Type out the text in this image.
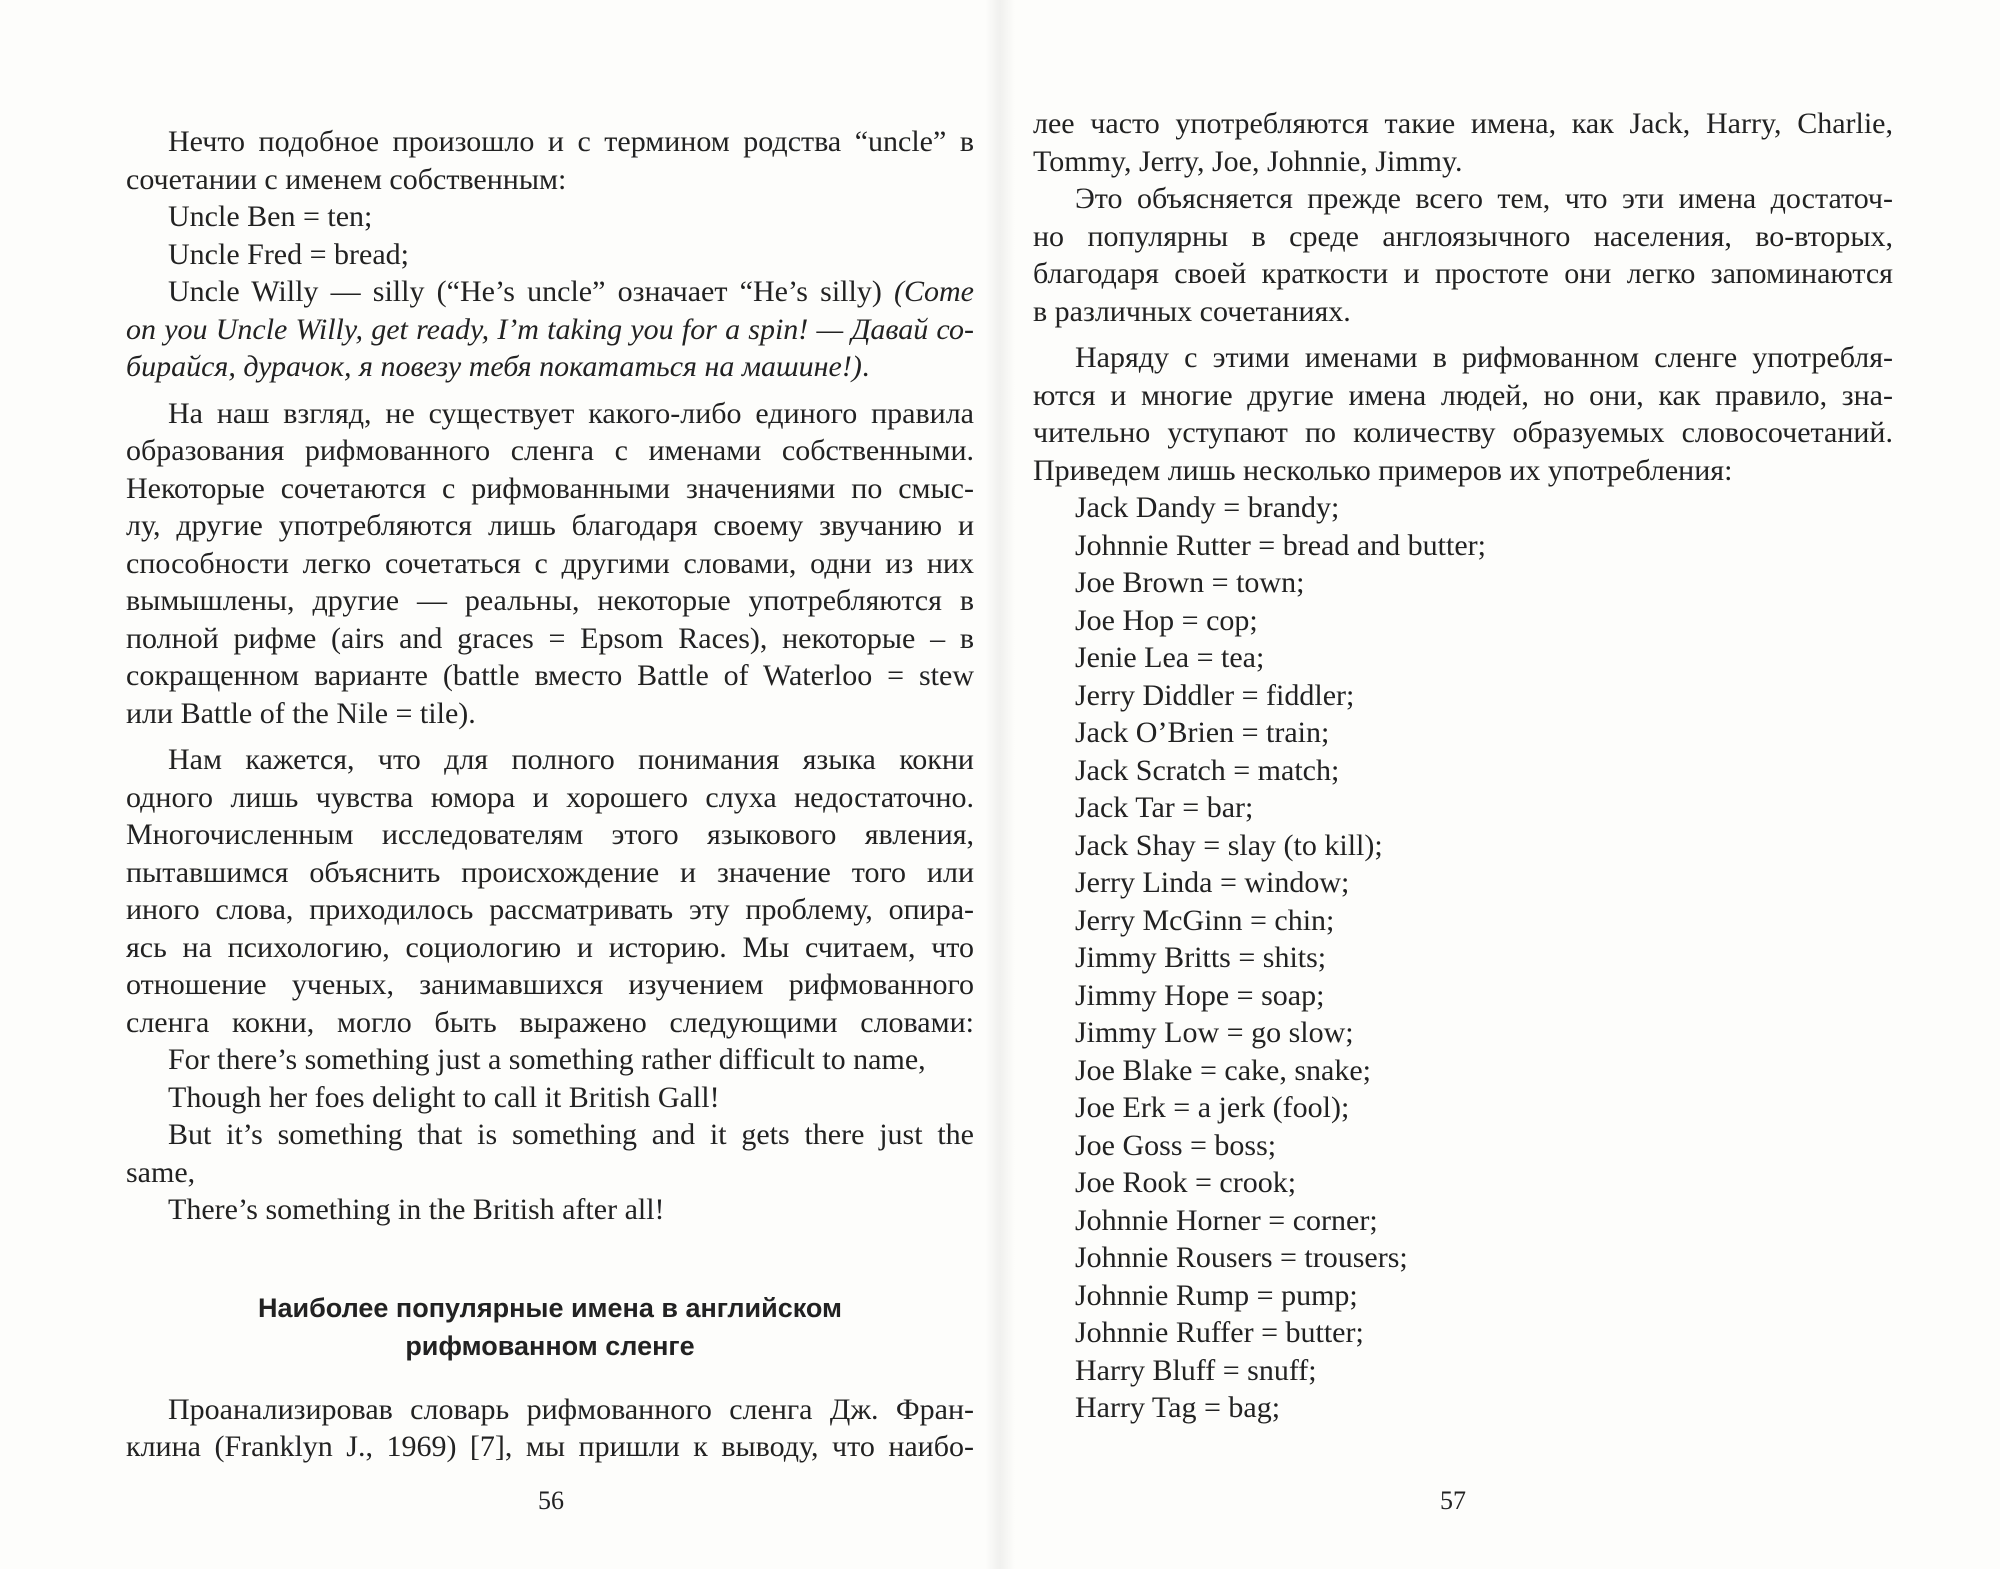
Нечто подобное произошло и с термином родства “uncle” в

сочетании с именем собственным:

Uncle Ben = ten;

Uncle Fred = bread;

Uncle Willy — silly (“He’s uncle” означает “He’s silly) (Come

on you Uncle Willy, get ready, I’m taking you for a spin! — Давай со-

бирайся, дурачок, я повезу тебя покататься на машине!).

На наш взгляд, не существует какого-либо единого правила

образования рифмованного сленга с именами собственными.

Некоторые сочетаются с рифмованными значениями по смыс-

лу, другие употребляются лишь благодаря своему звучанию и

способности легко сочетаться с другими словами, одни из них

вымышлены, другие — реальны, некоторые употребляются в

полной рифме (airs and graces = Epsom Races), некоторые – в

сокращенном варианте (battle вместо Battle of Waterloo = stew

или Battle of the Nile = tile).

Нам кажется, что для полного понимания языка кокни

одного лишь чувства юмора и хорошего слуха недостаточно.

Многочисленным исследователям этого языкового явления,

пытавшимся объяснить происхождение и значение того или

иного слова, приходилось рассматривать эту проблему, опира-

ясь на психологию, социологию и историю. Мы считаем, что

отношение ученых, занимавшихся изучением рифмованного

сленга кокни, могло быть выражено следующими словами:

For there’s something just a something rather difficult to name,

Though her foes delight to call it British Gall!

But it’s something that is something and it gets there just the

same,

There’s something in the British after all!

Наиболее популярные имена в английском
рифмованном сленге

Проанализировав словарь рифмованного сленга Дж. Фран-

клина (Franklyn J., 1969) [7], мы пришли к выводу, что наибо-

56

лее часто употребляются такие имена, как Jack, Harry, Charlie,

Tommy, Jerry, Joe, Johnnie, Jimmy.

Это объясняется прежде всего тем, что эти имена достаточ-

но популярны в среде англоязычного населения, во-вторых,

благодаря своей краткости и простоте они легко запоминаются

в различных сочетаниях.

Наряду с этими именами в рифмованном сленге употребля-

ются и многие другие имена людей, но они, как правило, зна-

чительно уступают по количеству образуемых словосочетаний.

Приведем лишь несколько примеров их употребления:

Jack Dandy = brandy;

Johnnie Rutter = bread and butter;

Joe Brown = town;

Joe Hop = cop;

Jenie Lea = tea;

Jerry Diddler = fiddler;

Jack O’Brien = train;

Jack Scratch = match;

Jack Tar = bar;

Jack Shay = slay (to kill);

Jerry Linda = window;

Jerry McGinn = chin;

Jimmy Britts = shits;

Jimmy Hope = soap;

Jimmy Low = go slow;

Joe Blake = cake, snake;

Joe Erk = a jerk (fool);

Joe Goss = boss;

Joe Rook = crook;

Johnnie Horner = corner;

Johnnie Rousers = trousers;

Johnnie Rump = pump;

Johnnie Ruffer = butter;

Harry Bluff = snuff;

Harry Tag = bag;

57
